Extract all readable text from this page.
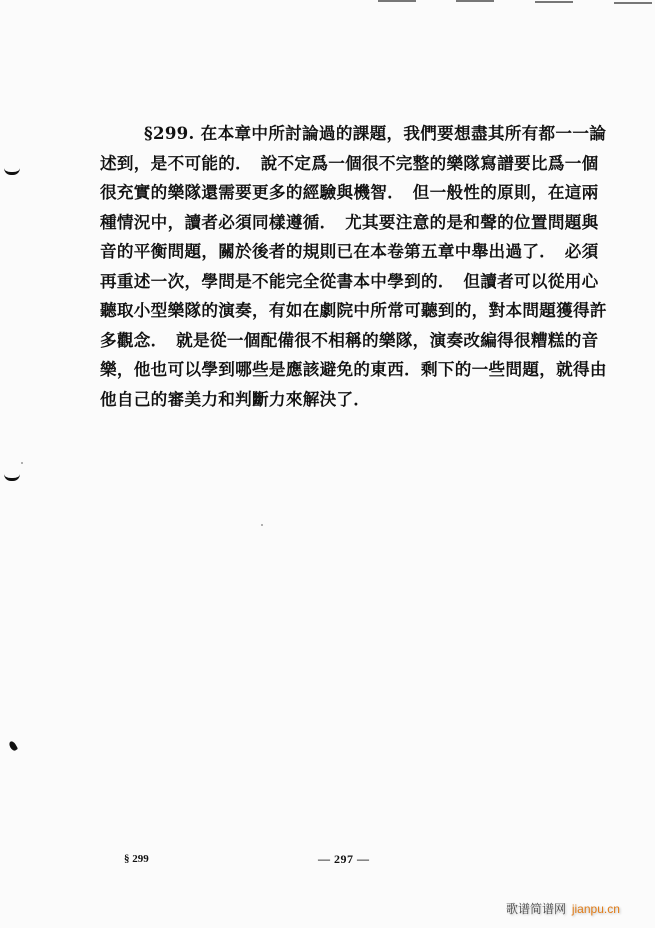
§299. 在本章中所討論過的課題，我們要想盡其所有都一一論
述到，是不可能的．　說不定爲一個很不完整的樂隊寫譜要比爲一個
很充實的樂隊還需要更多的經驗與機智．　但一般性的原則，在這兩
種情況中，讀者必須同樣遵循．　尤其要注意的是和聲的位置問題與
音的平衡問題，關於後者的規則已在本卷第五章中舉出過了．　必須
再重述一次，學問是不能完全從書本中學到的．　但讀者可以從用心
聽取小型樂隊的演奏，有如在劇院中所常可聽到的，對本問題獲得許
多觀念．　就是從一個配備很不相稱的樂隊，演奏改編得很糟糕的音
樂，他也可以學到哪些是應該避免的東西．剩下的一些問題，就得由
他自己的審美力和判斷力來解決了．
§ 299	— 297 —
歌谱简谱网 jianpu.cn
